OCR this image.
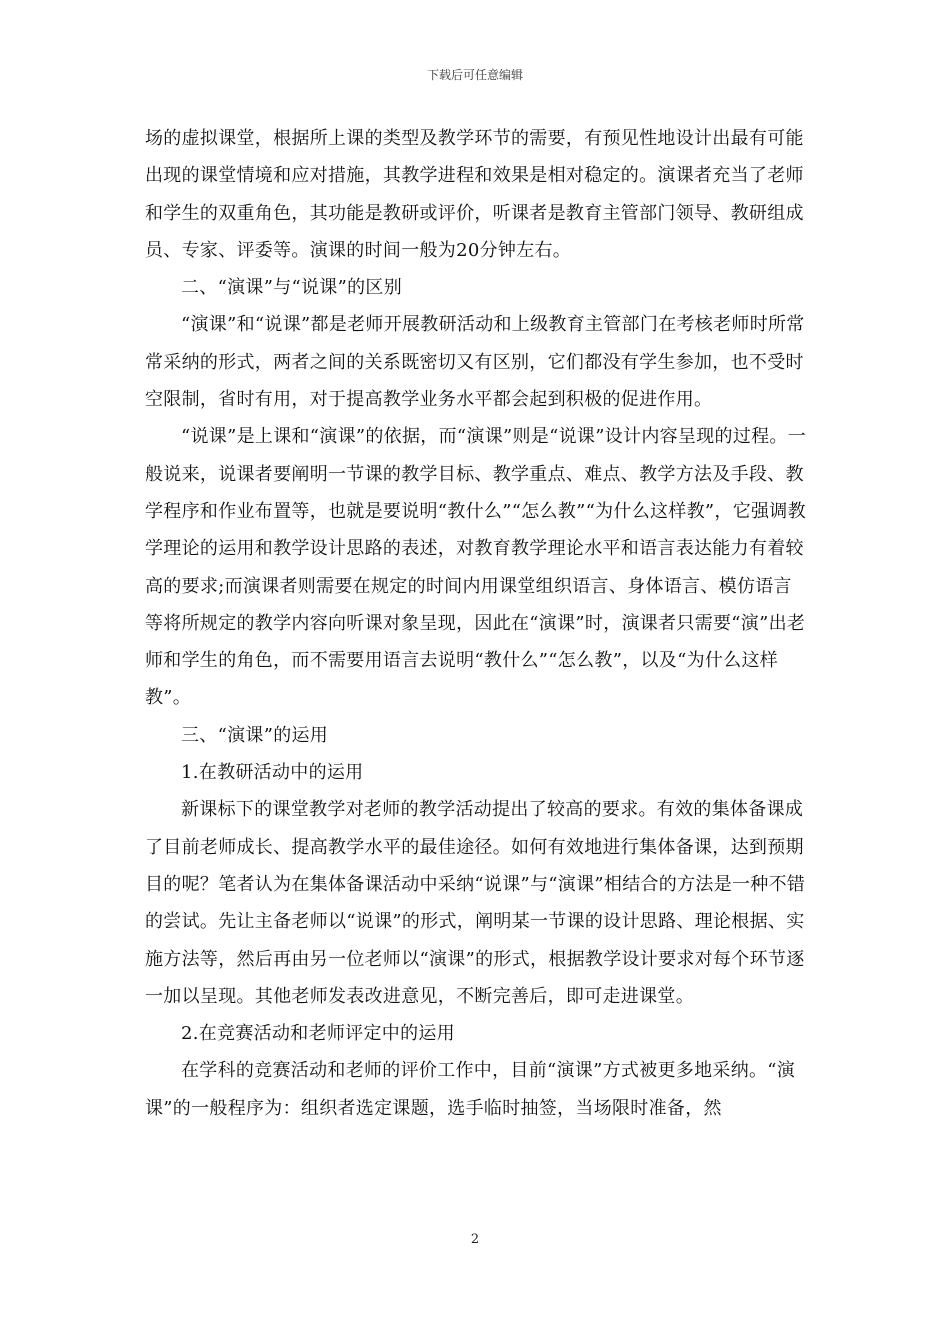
下载后可任意编辑

场的虚拟课堂，根据所上课的类型及教学环节的需要，有预见性地设计出最有可能出现的课堂情境和应对措施，其教学进程和效果是相对稳定的。演课者充当了老师和学生的双重角色，其功能是教研或评价，听课者是教育主管部门领导、教研组成员、专家、评委等。演课的时间一般为20分钟左右。

二、“演课”与“说课”的区别

“演课”和“说课”都是老师开展教研活动和上级教育主管部门在考核老师时所常常采纳的形式，两者之间的关系既密切又有区别，它们都没有学生参加，也不受时空限制，省时有用，对于提高教学业务水平都会起到积极的促进作用。

“说课”是上课和“演课”的依据，而“演课”则是“说课”设计内容呈现的过程。一般说来，说课者要阐明一节课的教学目标、教学重点、难点、教学方法及手段、教学程序和作业布置等，也就是要说明“教什么”“怎么教”“为什么这样教”，它强调教学理论的运用和教学设计思路的表述，对教育教学理论水平和语言表达能力有着较高的要求;而演课者则需要在规定的时间内用课堂组织语言、身体语言、模仿语言等将所规定的教学内容向听课对象呈现，因此在“演课”时，演课者只需要“演”出老师和学生的角色，而不需要用语言去说明“教什么”“怎么教”，以及“为什么这样教”。

三、“演课”的运用

1.在教研活动中的运用

新课标下的课堂教学对老师的教学活动提出了较高的要求。有效的集体备课成了目前老师成长、提高教学水平的最佳途径。如何有效地进行集体备课，达到预期目的呢？笔者认为在集体备课活动中采纳“说课”与“演课”相结合的方法是一种不错的尝试。先让主备老师以“说课”的形式，阐明某一节课的设计思路、理论根据、实施方法等，然后再由另一位老师以“演课”的形式，根据教学设计要求对每个环节逐一加以呈现。其他老师发表改进意见，不断完善后，即可走进课堂。

2.在竞赛活动和老师评定中的运用

在学科的竞赛活动和老师的评价工作中，目前“演课”方式被更多地采纳。“演课”的一般程序为：组织者选定课题，选手临时抽签，当场限时准备，然

2
